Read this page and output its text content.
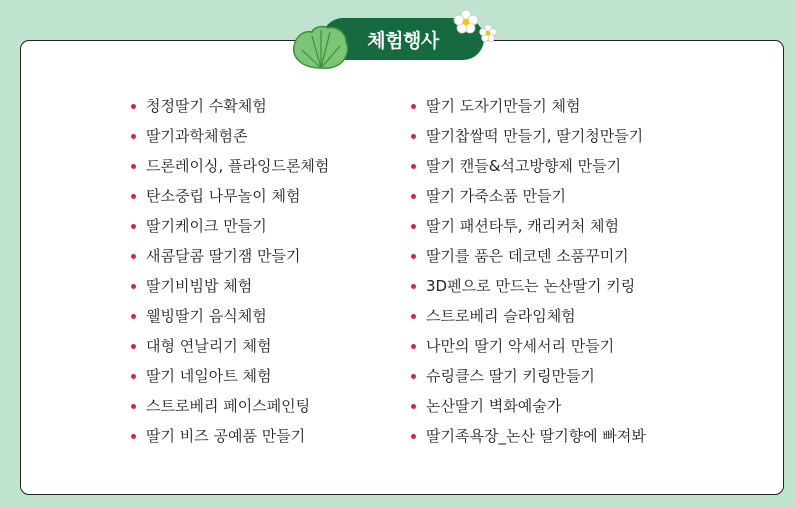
체험행사
청정딸기 수확체험
딸기과학체험존
드론레이싱, 플라잉드론체험
탄소중립 나무놀이 체험
딸기케이크 만들기
새콤달콤 딸기잼 만들기
딸기비빔밥 체험
웰빙딸기 음식체험
대형 연날리기 체험
딸기 네일아트 체험
스트로베리 페이스페인팅
딸기 비즈 공예품 만들기
딸기 도자기만들기 체험
딸기찹쌀떡 만들기, 딸기청만들기
딸기 캔들&석고방향제 만들기
딸기 가죽소품 만들기
딸기 패션타투, 캐리커처 체험
딸기를 품은 데코덴 소품꾸미기
3D펜으로 만드는 논산딸기 키링
스트로베리 슬라임체험
나만의 딸기 악세서리 만들기
슈링클스 딸기 키링만들기
논산딸기 벽화예술가
딸기족욕장_논산 딸기향에 빠져봐
